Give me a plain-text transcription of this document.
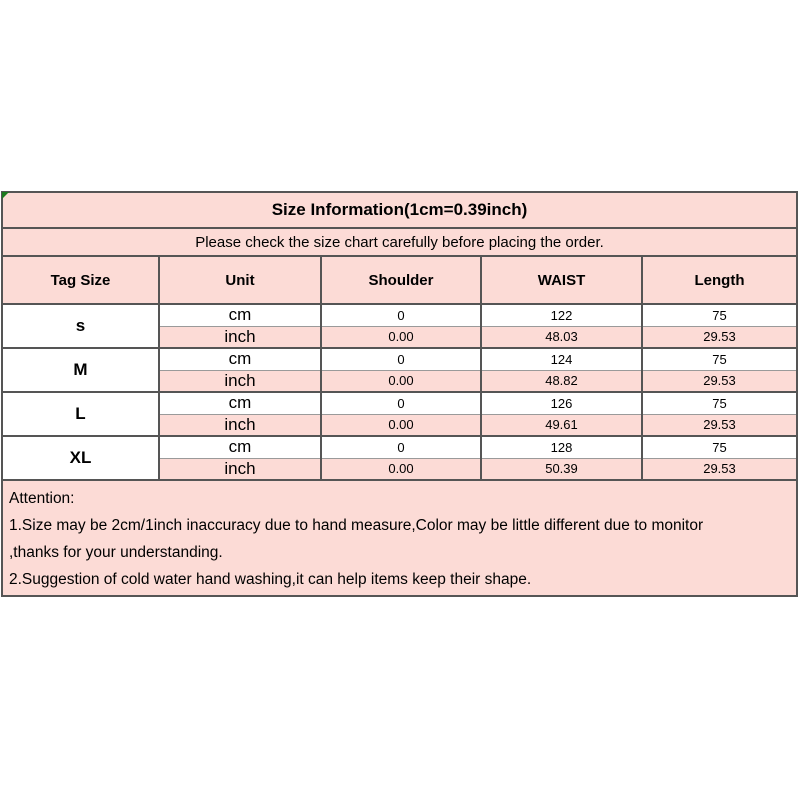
Size Information(1cm=0.39inch)				
Please check the size chart carefully before placing the order.				
Tag Size	Unit	Shoulder	WAIST	Length
s	cm	0	122	75
	inch	0.00	48.03	29.53
M	cm	0	124	75
	inch	0.00	48.82	29.53
L	cm	0	126	75
	inch	0.00	49.61	29.53
XL	cm	0	128	75
	inch	0.00	50.39	29.53

Attention:
1.Size may be 2cm/1inch inaccuracy due to hand measure,Color may be little different due to monitor
,thanks for your understanding.
2.Suggestion of cold water hand washing,it can help items keep their shape.				
